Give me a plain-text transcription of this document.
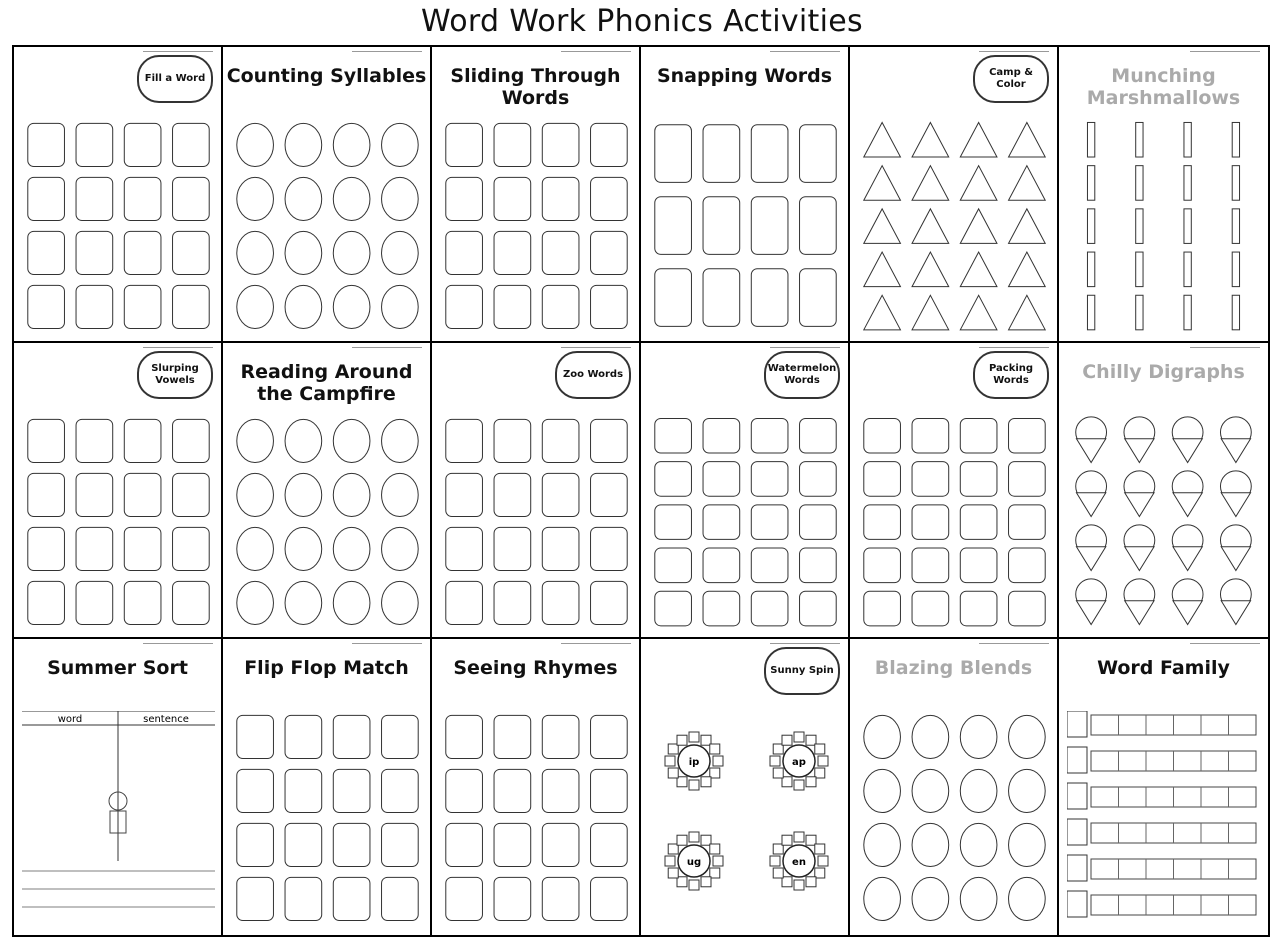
Word Work Phonics Activities
Fill a Word Counting Syllables	Sliding Through Words
Snapping Words	Camp & Color	Munching Marshmallows
Slurping Vowels	Reading Around the Campfire
Zoo Words
Watermelon Words
Packing Words	Chilly Digraphs
Summer Sort
word	sentence
Flip Flop Match	Seeing Rhymes	Sunny Spin
ip	ap
ug	en
Blazing Blends	Word Family
